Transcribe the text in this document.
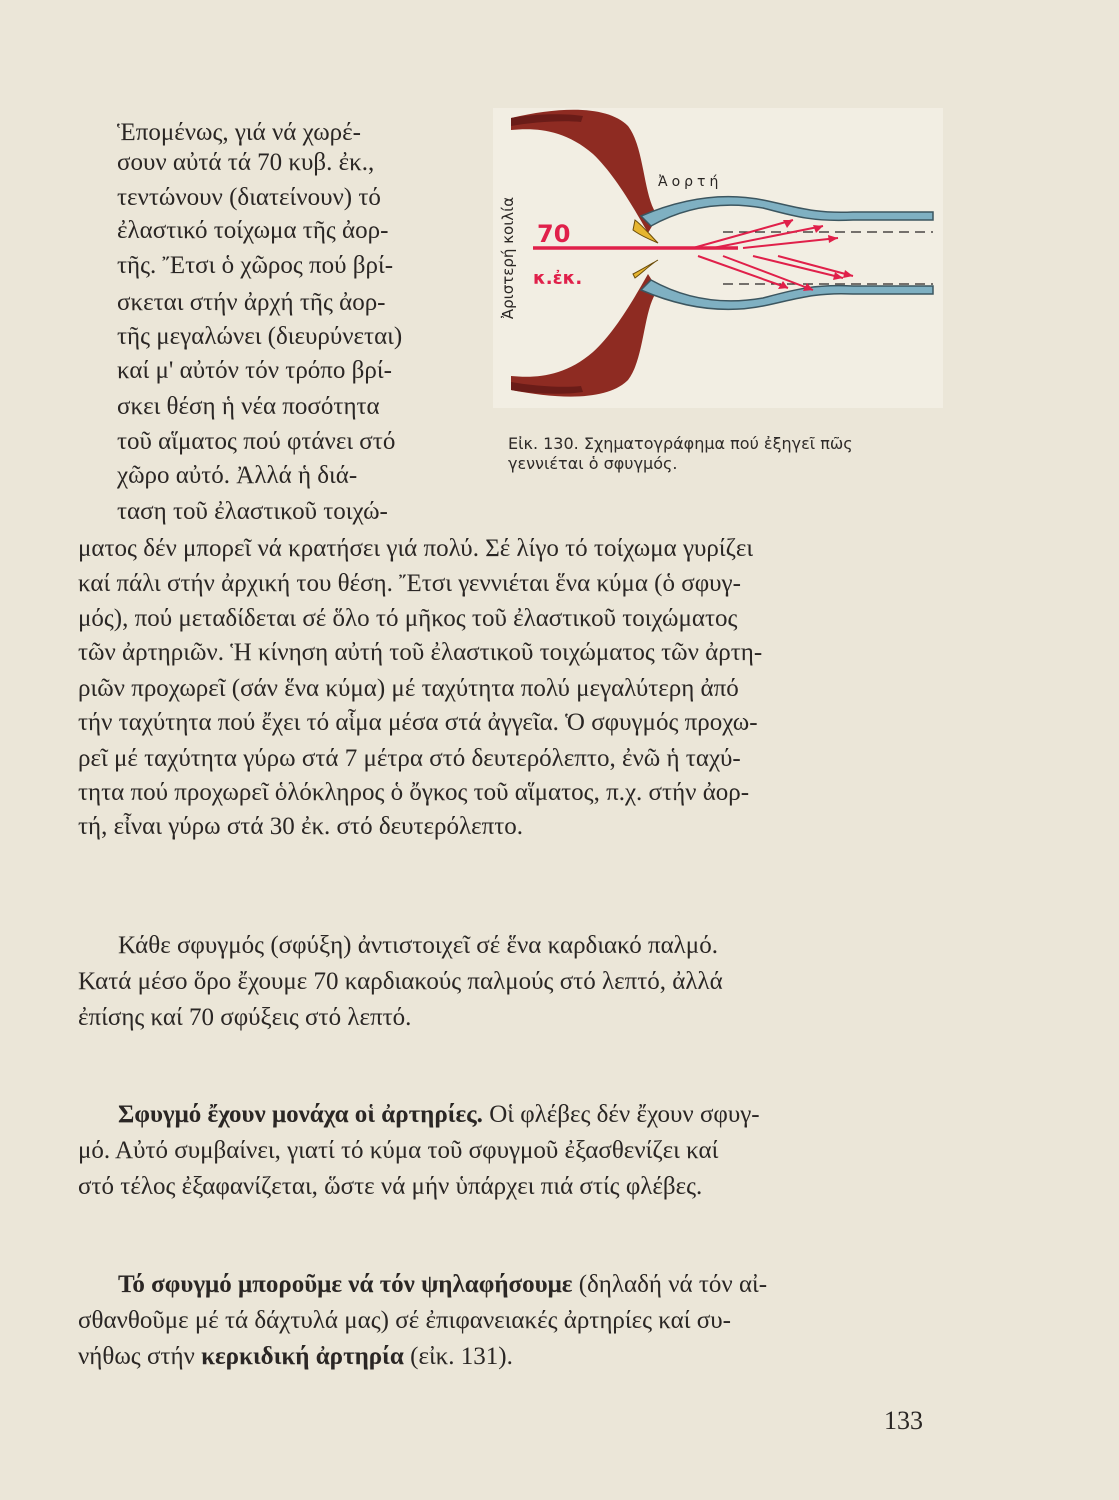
Ἑπομένως, γιά νά χωρέ-
σουν αὐτά τά 70 κυβ. ἐκ.,
τεντώνουν (διατείνουν) τό
ἐλαστικό τοίχωμα τῆς ἀορ-
τῆς. Ἔτσι ὁ χῶρος πού βρί-
σκεται στήν ἀρχή τῆς ἀορ-
τῆς μεγαλώνει (διευρύνεται)
καί μ' αὐτόν τόν τρόπο βρί-
σκει θέση ἡ νέα ποσότητα
τοῦ αἵματος πού φτάνει στό
χῶρο αὐτό. Ἀλλά ἡ διά-
ταση τοῦ ἐλαστικοῦ τοιχώ-
ματος δέν μπορεῖ νά κρατήσει γιά πολύ. Σέ λίγο τό τοίχωμα γυρίζει
καί πάλι στήν ἀρχική του θέση. Ἔτσι γεννιέται ἕνα κύμα (ὁ σφυγ-
μός), πού μεταδίδεται σέ ὅλο τό μῆκος τοῦ ἐλαστικοῦ τοιχώματος
τῶν ἀρτηριῶν. Ἡ κίνηση αὐτή τοῦ ἐλαστικοῦ τοιχώματος τῶν ἀρτη-
ριῶν προχωρεῖ (σάν ἕνα κύμα) μέ ταχύτητα πολύ μεγαλύτερη ἀπό
τήν ταχύτητα πού ἔχει τό αἷμα μέσα στά ἀγγεῖα. Ὁ σφυγμός προχω-
ρεῖ μέ ταχύτητα γύρω στά 7 μέτρα στό δευτερόλεπτο, ἐνῶ ἡ ταχύ-
τητα πού προχωρεῖ ὁλόκληρος ὁ ὄγκος τοῦ αἵματος, π.χ. στήν ἀορ-
τή, εἶναι γύρω στά 30 ἐκ. στό δευτερόλεπτο.
Κάθε σφυγμός (σφύξη) ἀντιστοιχεῖ σέ ἕνα καρδιακό παλμό.
Κατά μέσο ὅρο ἔχουμε 70 καρδιακούς παλμούς στό λεπτό, ἀλλά
ἐπίσης καί 70 σφύξεις στό λεπτό.
Σφυγμό ἔχουν μονάχα οἱ ἀρτηρίες. Οἱ φλέβες δέν ἔχουν σφυγ-
μό. Αὐτό συμβαίνει, γιατί τό κύμα τοῦ σφυγμοῦ ἐξασθενίζει καί
στό τέλος ἐξαφανίζεται, ὥστε νά μήν ὑπάρχει πιά στίς φλέβες.
Τό σφυγμό μποροῦμε νά τόν ψηλαφήσουμε (δηλαδή νά τόν αἰ-
σθανθοῦμε μέ τά δάχτυλά μας) σέ ἐπιφανειακές ἀρτηρίες καί συ-
νήθως στήν κερκιδική ἀρτηρία (εἰκ. 131).
Ἀριστερή κοιλία
Ἀορτή
70
κ.ἐκ.
Εἰκ. 130. Σχηματογράφημα πού ἐξηγεῖ πῶς
γεννιέται ὁ σφυγμός.
133
